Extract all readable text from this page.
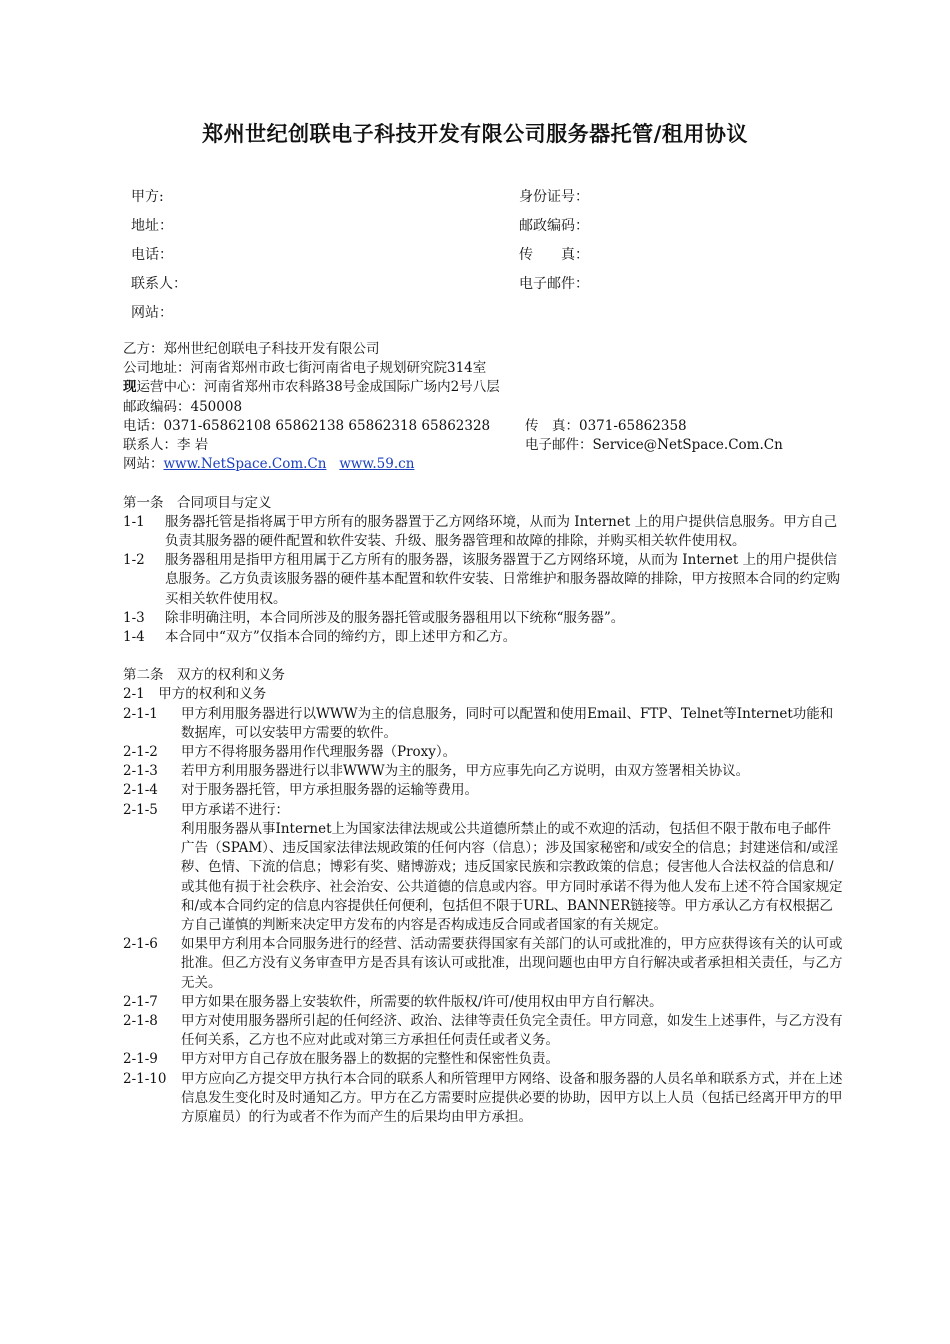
郑州世纪创联电子科技开发有限公司服务器托管/租用协议
甲方:	身份证号：
地址：	邮政编码：
电话：	传　　真：
联系人：	电子邮件：
网站：
乙方：郑州世纪创联电子科技开发有限公司
公司地址：河南省郑州市政七街河南省电子规划研究院314室
现运营中心：河南省郑州市农科路38号金成国际广场内2号八层
邮政编码：450008
电话：0371-65862108 65862138 65862318 65862328	传　真：0371-65862358
联系人：李 岩	电子邮件：Service@NetSpace.Com.Cn
网站：www.NetSpace.Com.Cn www.59.cn
第一条　合同项目与定义
1-1	服务器托管是指将属于甲方所有的服务器置于乙方网络环境，从而为 Internet 上的用户提供信息服务。甲方自己负责其服务器的硬件配置和软件安装、升级、服务器管理和故障的排除，并购买相关软件使用权。
1-2	服务器租用是指甲方租用属于乙方所有的服务器，该服务器置于乙方网络环境，从而为 Internet 上的用户提供信息服务。乙方负责该服务器的硬件基本配置和软件安装、日常维护和服务器故障的排除，甲方按照本合同的约定购买相关软件使用权。
1-3	除非明确注明，本合同所涉及的服务器托管或服务器租用以下统称“服务器”。
1-4	本合同中“双方”仅指本合同的缔约方，即上述甲方和乙方。
第二条　双方的权利和义务
2-1　甲方的权利和义务
2-1-1	甲方利用服务器进行以WWW为主的信息服务，同时可以配置和使用Email、FTP、Telnet等Internet功能和数据库，可以安装甲方需要的软件。
2-1-2	甲方不得将服务器用作代理服务器（Proxy）。
2-1-3	若甲方利用服务器进行以非WWW为主的服务，甲方应事先向乙方说明，由双方签署相关协议。
2-1-4	对于服务器托管，甲方承担服务器的运输等费用。
2-1-5	甲方承诺不进行：
利用服务器从事Internet上为国家法律法规或公共道德所禁止的或不欢迎的活动，包括但不限于散布电子邮件广告（SPAM）、违反国家法律法规政策的任何内容（信息）；涉及国家秘密和/或安全的信息；封建迷信和/或淫秽、色情、下流的信息；博彩有奖、赌博游戏；违反国家民族和宗教政策的信息；侵害他人合法权益的信息和/或其他有损于社会秩序、社会治安、公共道德的信息或内容。甲方同时承诺不得为他人发布上述不符合国家规定和/或本合同约定的信息内容提供任何便利，包括但不限于URL、BANNER链接等。甲方承认乙方有权根据乙方自己谨慎的判断来决定甲方发布的内容是否构成违反合同或者国家的有关规定。
2-1-6	如果甲方利用本合同服务进行的经营、活动需要获得国家有关部门的认可或批准的，甲方应获得该有关的认可或批准。但乙方没有义务审查甲方是否具有该认可或批准，出现问题也由甲方自行解决或者承担相关责任，与乙方无关。
2-1-7	甲方如果在服务器上安装软件，所需要的软件版权/许可/使用权由甲方自行解决。
2-1-8	甲方对使用服务器所引起的任何经济、政治、法律等责任负完全责任。甲方同意，如发生上述事件，与乙方没有任何关系，乙方也不应对此或对第三方承担任何责任或者义务。
2-1-9	甲方对甲方自己存放在服务器上的数据的完整性和保密性负责。
2-1-10	甲方应向乙方提交甲方执行本合同的联系人和所管理甲方网络、设备和服务器的人员名单和联系方式，并在上述信息发生变化时及时通知乙方。甲方在乙方需要时应提供必要的协助，因甲方以上人员（包括已经离开甲方的甲方原雇员）的行为或者不作为而产生的后果均由甲方承担。
